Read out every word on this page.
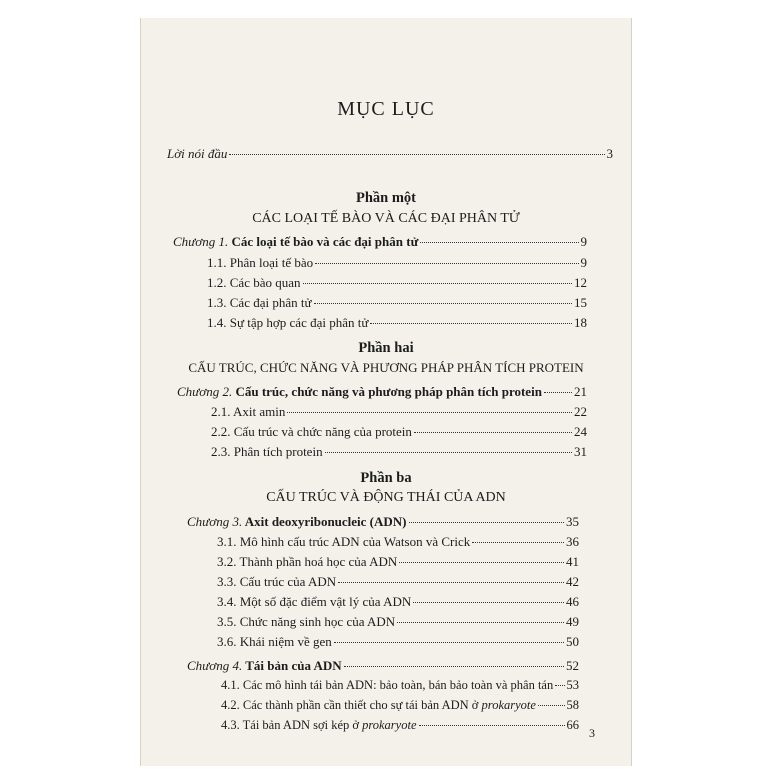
MỤC LỤC
Lời nói đầu	3
Phần một
CÁC LOẠI TẾ BÀO VÀ CÁC ĐẠI PHÂN TỬ
Chương 1. Các loại tế bào và các đại phân tử	9
1.1. Phân loại tế bào	9
1.2. Các bào quan	12
1.3. Các đại phân tử	15
1.4. Sự tập hợp các đại phân tử	18
Phần hai
CẤU TRÚC, CHỨC NĂNG VÀ PHƯƠNG PHÁP PHÂN TÍCH PROTEIN
Chương 2. Cấu trúc, chức năng và phương pháp phân tích protein 21
2.1. Axit amin	22
2.2. Cấu trúc và chức năng của protein	24
2.3. Phân tích protein	31
Phần ba
CẤU TRÚC VÀ ĐỘNG THÁI CỦA ADN
Chương 3. Axit deoxyribonucleic (ADN)	35
3.1. Mô hình cấu trúc ADN của Watson và Crick	36
3.2. Thành phần hoá học của ADN	41
3.3. Cấu trúc của ADN	42
3.4. Một số đặc điểm vật lý của ADN	46
3.5. Chức năng sinh học của ADN	49
3.6. Khái niệm về gen	50
Chương 4. Tái bản của ADN	52
4.1. Các mô hình tái bản ADN: bảo toàn, bán bảo toàn và phân tán 53
4.2. Các thành phần cần thiết cho sự tái bản ADN ở prokaryote 58
4.3. Tái bản ADN sợi kép ở prokaryote	66
3
